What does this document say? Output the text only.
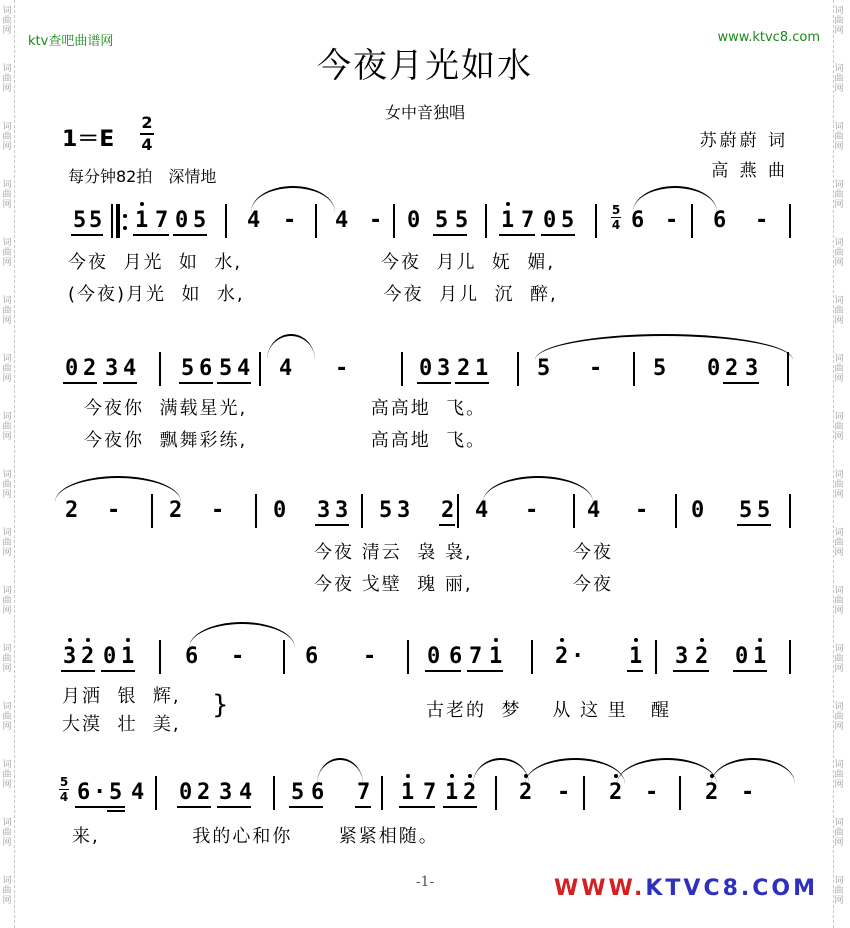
ktv查吧曲谱网	www.ktvc8.com
今夜月光如水
女中音独唱
1＝E
2
4
每分钟82拍　深情地
苏蔚蔚 词
高 燕 曲
5 5 1 7 0 5 4 - 4 - 0 5 5 1 7 0 5	5
4 6 - 6 -
今夜  月光  如  水,                  今夜  月儿  妩  媚,
(今夜)月光  如  水,                  今夜  月儿  沉  醉,
0 2 3 4 5 6 5 4 4 -	0 3 2 1 5 - 5 0 2 3
今夜你  满载星光,                高高地  飞。
今夜你  飘舞彩练,                高高地  飞。
2 - 2 - 0 3 3 5 3 2 4 - 4 - 0 5 5
今夜 清云  袅 袅,             今夜
今夜 戈壁  瑰 丽,             今夜
3 2 0 1 6 -	6 - 0 6 7 1 2 · 1 3 2 0 1
月洒  银  辉,
大漠  壮  美,
}	古老的  梦    从 这 里   醒
5
4 6 · 5 4 0 2 3 4 5 6 7 1 7 1 2 2 - 2 - 2 -
来,            我的心和你      紧紧相随。
-1-	WWW.KTVC8.COM
词
曲
网
词
曲
网
词
曲
网
词
曲
网
词
曲
网
词
曲
网
词
曲
网
词
曲
网
词
曲
网
词
曲
网
词
曲
网
词
曲
网
词
曲
网
词
曲
网
词
曲
网
词
曲
网
词
曲
网
词
曲
网
词
曲
网
词
曲
网
词
曲
网
词
曲
网
词
曲
网
词
曲
网
词
曲
网
词
曲
网
词
曲
网
词
曲
网
词
曲
网
词
曲
网
词
曲
网
词
曲
网
